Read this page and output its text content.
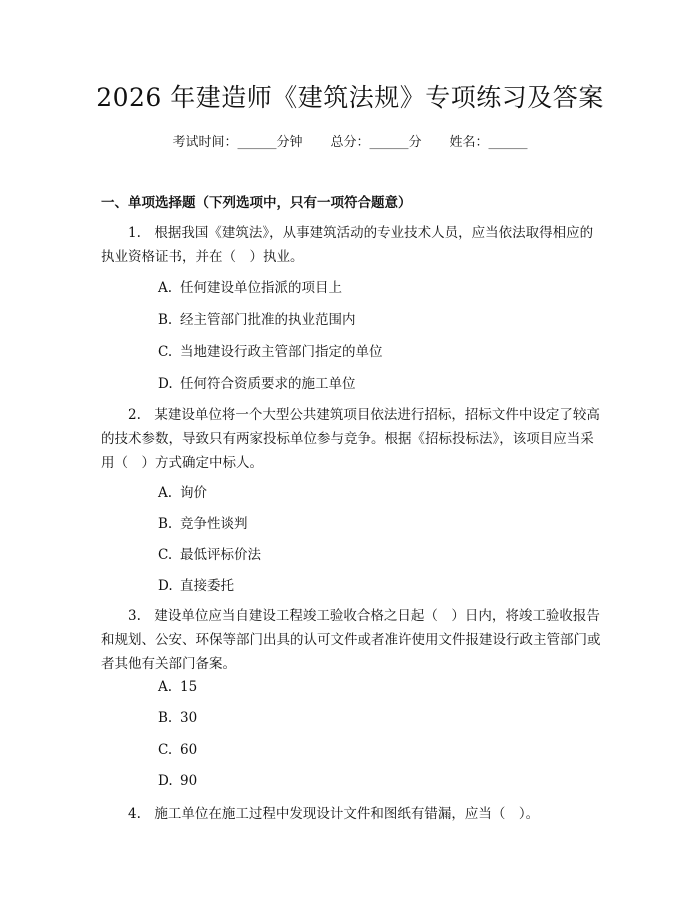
2026 年建造师《建筑法规》专项练习及答案
考试时间：______分钟 总分：______分 姓名：______
一、单项选择题（下列选项中，只有一项符合题意）
1.　根据我国《建筑法》，从事建筑活动的专业技术人员，应当依法取得相应的执业资格证书，并在（　）执业。
A. 任何建设单位指派的项目上
B. 经主管部门批准的执业范围内
C. 当地建设行政主管部门指定的单位
D. 任何符合资质要求的施工单位
2.　某建设单位将一个大型公共建筑项目依法进行招标，招标文件中设定了较高的技术参数，导致只有两家投标单位参与竞争。根据《招标投标法》，该项目应当采用（　）方式确定中标人。
A. 询价
B. 竞争性谈判
C. 最低评标价法
D. 直接委托
3.　建设单位应当自建设工程竣工验收合格之日起（　）日内，将竣工验收报告和规划、公安、环保等部门出具的认可文件或者准许使用文件报建设行政主管部门或者其他有关部门备案。
A. 15
B. 30
C. 60
D. 90
4.　施工单位在施工过程中发现设计文件和图纸有错漏，应当（　）。
